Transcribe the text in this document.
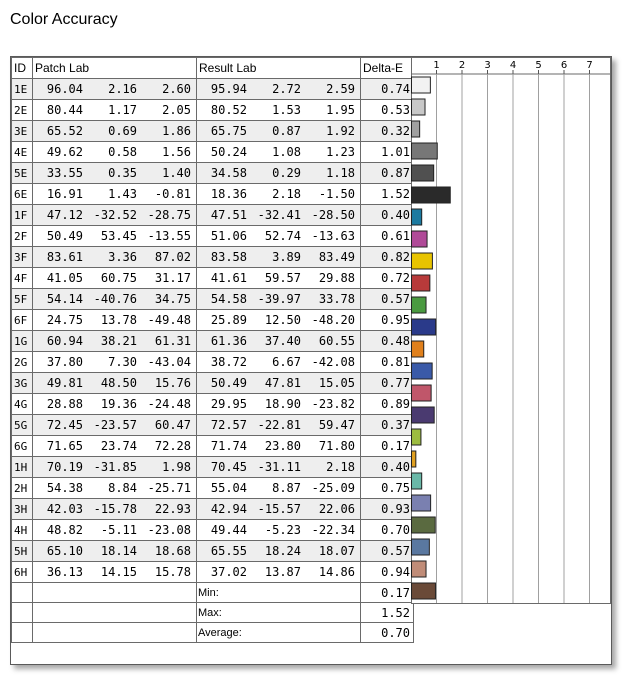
Color Accuracy
ID	Patch Lab	Result Lab	Delta-E
1E	96.04 2.16 2.60	95.94 2.72 2.59	0.74
2E	80.44 1.17 2.05	80.52 1.53 1.95	0.53
3E	65.52 0.69 1.86	65.75 0.87 1.92	0.32
4E	49.62 0.58 1.56	50.24 1.08 1.23	1.01
5E	33.55 0.35 1.40	34.58 0.29 1.18	0.87
6E	16.91 1.43 -0.81	18.36 2.18 -1.50	1.52
1F	47.12 -32.52 -28.75	47.51 -32.41 -28.50	0.40
2F	50.49 53.45 -13.55	51.06 52.74 -13.63	0.61
3F	83.61 3.36 87.02	83.58 3.89 83.49	0.82
4F	41.05 60.75 31.17	41.61 59.57 29.88	0.72
5F	54.14 -40.76 34.75	54.58 -39.97 33.78	0.57
6F	24.75 13.78 -49.48	25.89 12.50 -48.20	0.95
1G	60.94 38.21 61.31	61.36 37.40 60.55	0.48
2G	37.80 7.30 -43.04	38.72 6.67 -42.08	0.81
3G	49.81 48.50 15.76	50.49 47.81 15.05	0.77
4G	28.88 19.36 -24.48	29.95 18.90 -23.82	0.89
5G	72.45 -23.57 60.47	72.57 -22.81 59.47	0.37
6G	71.65 23.74 72.28	71.74 23.80 71.80	0.17
1H	70.19 -31.85 1.98	70.45 -31.11 2.18	0.40
2H	54.38 8.84 -25.71	55.04 8.87 -25.09	0.75
3H	42.03 -15.78 22.93	42.94 -15.57 22.06	0.93
4H	48.82 -5.11 -23.08	49.44 -5.23 -22.34	0.70
5H	65.10 18.14 18.68	65.55 18.24 18.07	0.57
6H	36.13 14.15 15.78	37.02 13.87 14.86	0.94
		Min:	0.17
		Max:	1.52
		Average:	0.70
1 2 3 4 5 6 7
